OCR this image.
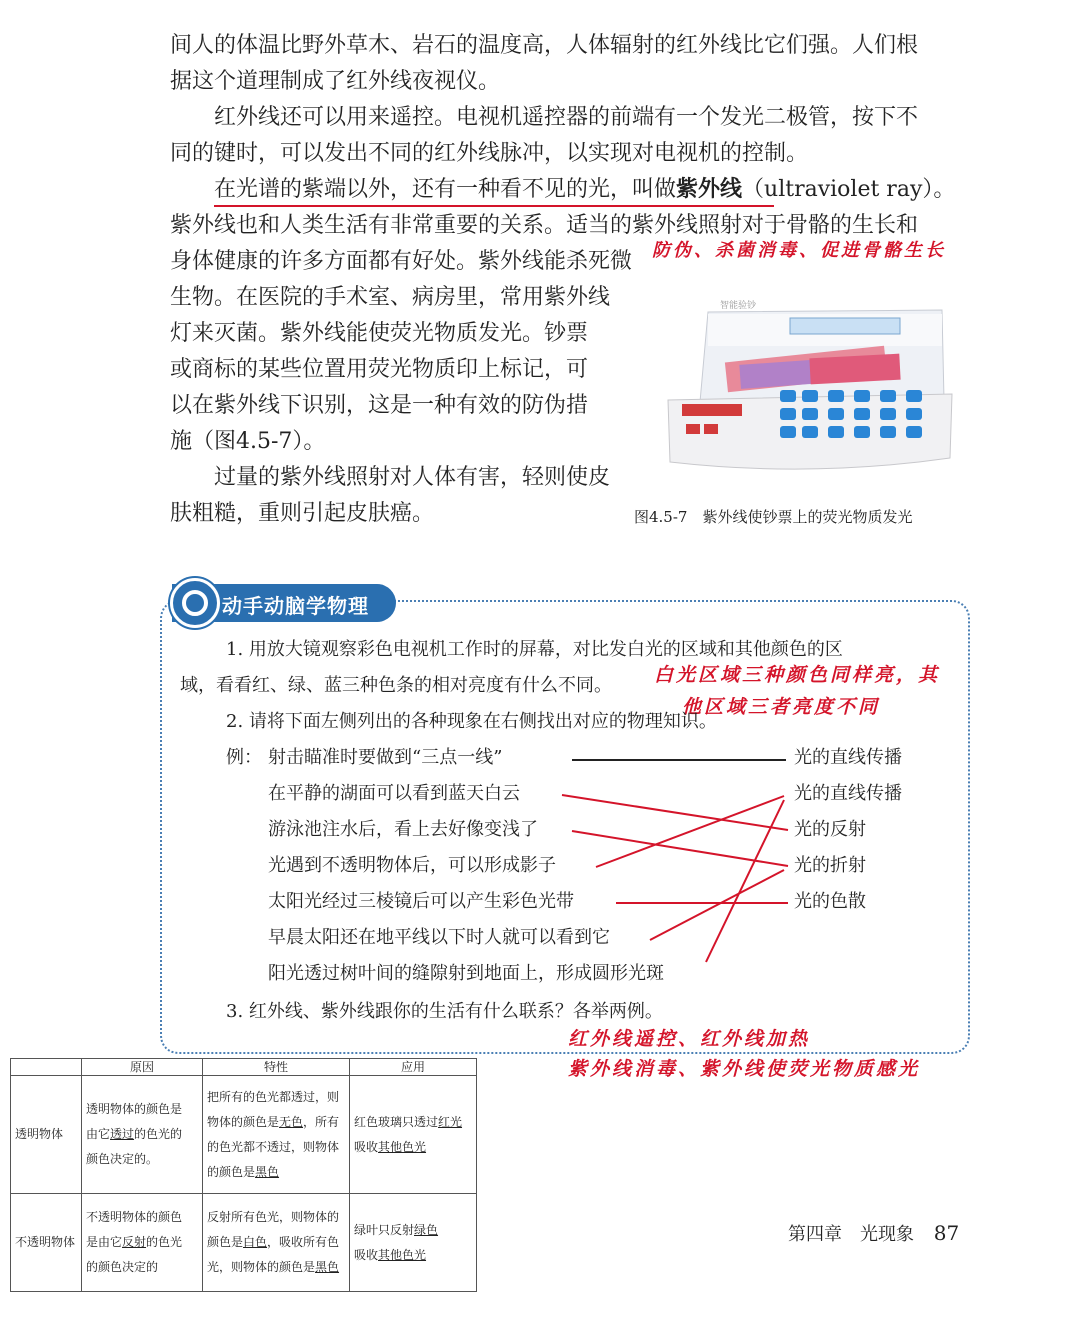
间人的体温比野外草木、岩石的温度高，人体辐射的红外线比它们强。人们根
据这个道理制成了红外线夜视仪。
红外线还可以用来遥控。电视机遥控器的前端有一个发光二极管，按下不
同的键时，可以发出不同的红外线脉冲，以实现对电视机的控制。
在光谱的紫端以外，还有一种看不见的光，叫做紫外线（ultraviolet ray）。
紫外线也和人类生活有非常重要的关系。适当的紫外线照射对于骨骼的生长和
身体健康的许多方面都有好处。紫外线能杀死微 防伪、杀菌消毒、促进骨骼生长
生物。在医院的手术室、病房里，常用紫外线
灯来灭菌。紫外线能使荧光物质发光。钞票
或商标的某些位置用荧光物质印上标记，可
以在紫外线下识别，这是一种有效的防伪措
施（图4.5-7）。
过量的紫外线照射对人体有害，轻则使皮
肤粗糙，重则引起皮肤癌。
智能验钞
图4.5-7　紫外线使钞票上的荧光物质发光
动手动脑学物理
1. 用放大镜观察彩色电视机工作时的屏幕，对比发白光的区域和其他颜色的区
域，看看红、绿、蓝三种色条的相对亮度有什么不同。 白光区域三种颜色同样亮，其
他区域三者亮度不同
2. 请将下面左侧列出的各种现象在右侧找出对应的物理知识。
例： 射击瞄准时要做到“三点一线”
在平静的湖面可以看到蓝天白云
游泳池注水后，看上去好像变浅了
光遇到不透明物体后，可以形成影子
太阳光经过三棱镜后可以产生彩色光带
早晨太阳还在地平线以下时人就可以看到它
阳光透过树叶间的缝隙射到地面上，形成圆形光斑
光的直线传播
光的直线传播
光的反射
光的折射
光的色散
3. 红外线、紫外线跟你的生活有什么联系？各举两例。
红外线遥控、红外线加热
紫外线消毒、紫外线使荧光物质感光
	原因	特性	应用
透明物体	透明物体的颜色是
由它透过的色光的
颜色决定的。	把所有的色光都透过，则
物体的颜色是无色，所有
的色光都不透过，则物体
的颜色是黑色	红色玻璃只透过红光
吸收其他色光
不透明物体	不透明物体的颜色
是由它反射的色光
的颜色决定的	反射所有色光，则物体的
颜色是白色，吸收所有色
光，则物体的颜色是黑色	绿叶只反射绿色
吸收其他色光
第四章　光现象 87
